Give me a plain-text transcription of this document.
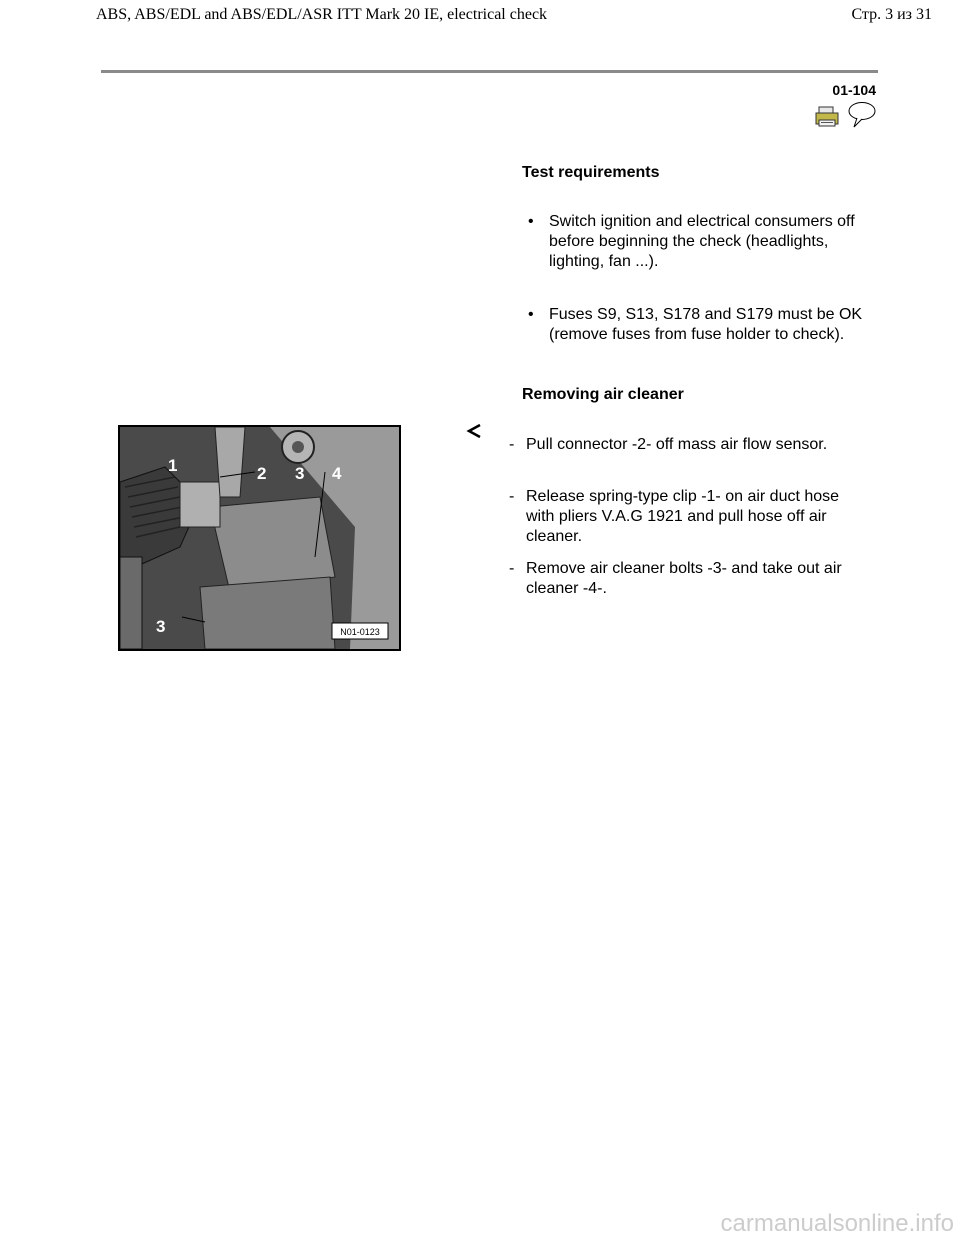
ABS, ABS/EDL and ABS/EDL/ASR ITT Mark 20 IE, electrical check	Стр. 3 из 31
01-104
Test requirements
• Switch ignition and electrical consumers off before beginning the check (headlights, lighting, fan ...).
• Fuses S9, S13, S178 and S179 must be OK (remove fuses from fuse holder to check).
Removing air cleaner
1	2 3 4
3	N01-0123
- Pull connector -2- off mass air flow sensor.
- Release spring-type clip -1- on air duct hose with pliers V.A.G 1921 and pull hose off air cleaner.
- Remove air cleaner bolts -3- and take out air cleaner -4-.
carmanualsonline.info
